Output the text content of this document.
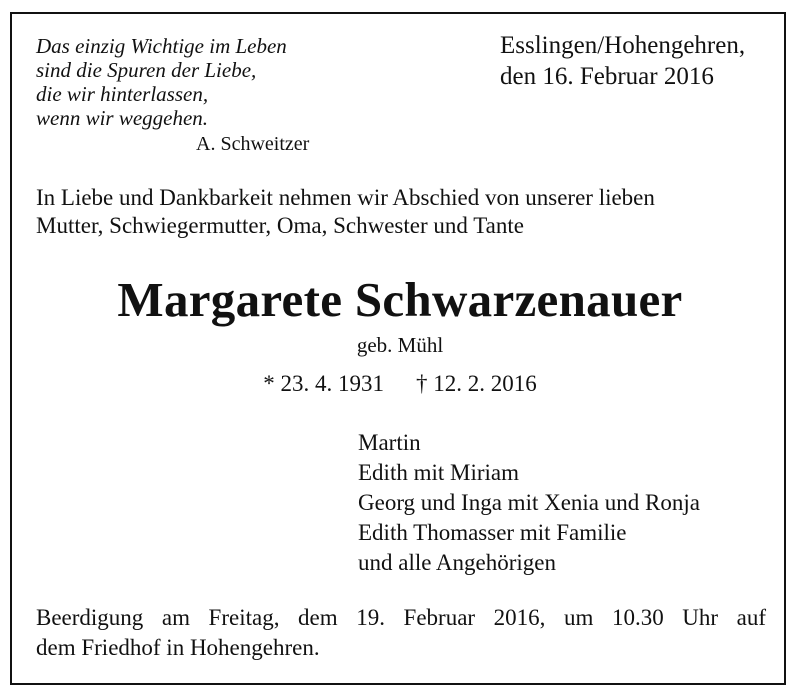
Das einzig Wichtige im Leben
sind die Spuren der Liebe,
die wir hinterlassen,
wenn wir weggehen.
A. Schweitzer
Esslingen/Hohengehren,
den 16. Februar 2016
In Liebe und Dankbarkeit nehmen wir Abschied von unserer lieben
Mutter, Schwiegermutter, Oma, Schwester und Tante
Margarete Schwarzenauer
geb. Mühl
* 23. 4. 1931 † 12. 2. 2016
Martin
Edith mit Miriam
Georg und Inga mit Xenia und Ronja
Edith Thomasser mit Familie
und alle Angehörigen
Beerdigung am Freitag, dem 19. Februar 2016, um 10.30 Uhr auf
dem Friedhof in Hohengehren.
